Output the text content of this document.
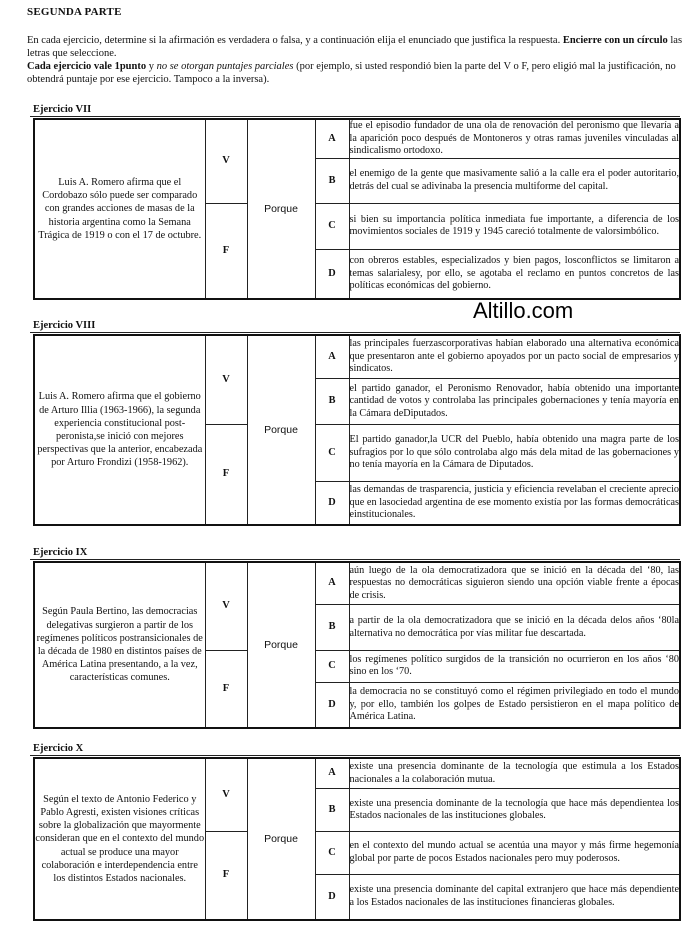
SEGUNDA PARTE
En cada ejercicio, determine si la afirmación es verdadera o falsa, y a continuación elija el enunciado que justifica la respuesta. Encierre con un círculo las letras que seleccione.
Cada ejercicio vale 1punto y no se otorgan puntajes parciales (por ejemplo, si usted respondió bien la parte del V o F, pero eligió mal la justificación, no obtendrá puntaje por ese ejercicio. Tampoco a la inversa).
Altillo.com
Ejercicio VII
Luis A. Romero afirma que el Cordobazo sólo puede ser comparado con grandes acciones de masas de la historia argentina como la Semana Trágica de 1919 o con el 17 de octubre.	V	Porque	A	fue el episodio fundador de una ola de renovación del peronismo que llevaría a la aparición poco después de Montoneros y otras ramas juveniles vinculadas al sindicalismo ortodoxo.
			B	el enemigo de la gente que masivamente salió a la calle era el poder autoritario, detrás del cual se adivinaba la presencia multiforme del capital.
	F		C	si bien su importancia política inmediata fue importante, a diferencia de los movimientos sociales de 1919 y 1945 careció totalmente de valorsimbólico.
			D	con obreros estables, especializados y bien pagos, losconflictos se limitaron a temas salarialesy, por ello, se agotaba el reclamo en puntos concretos de las políticas económicas del gobierno.
Ejercicio VIII
Luis A. Romero afirma que el gobierno de Arturo Illia (1963-1966), la segunda experiencia constitucional post-peronista,se inició con mejores perspectivas que la anterior, encabezada por Arturo Frondizi (1958-1962).	V	Porque	A	las principales fuerzascorporativas habían elaborado una alternativa económica que presentaron ante el gobierno apoyados por un pacto social de empresarios y sindicatos.
			B	el partido ganador, el Peronismo Renovador, había obtenido una importante cantidad de votos y controlaba las principales gobernaciones y tenía mayoría en la Cámara deDiputados.
	F		C	El partido ganador,la UCR del Pueblo, había obtenido una magra parte de los sufragios por lo que sólo controlaba algo más dela mitad de las gobernaciones y no tenía mayoría en la Cámara de Diputados.
			D	las demandas de trasparencia, justicia y eficiencia revelaban el creciente aprecio que en lasociedad argentina de ese momento existía por las formas democráticas einstitucionales.
Ejercicio IX
Según Paula Bertino, las democracias delegativas surgieron a partir de los regímenes políticos postransicionales de la década de 1980 en distintos países de América Latina presentando, a la vez, características comunes.	V	Porque	A	aún luego de la ola democratizadora que se inició en la década del ‘80, las respuestas no democráticas siguieron siendo una opción viable frente a épocas de crisis.
			B	a partir de la ola democratizadora que se inició en la década delos años ‘80la alternativa no democrática por vías militar fue descartada.
	F		C	los regímenes político surgidos de la transición no ocurrieron en los años ‘80 sino en los ‘70.
			D	la democracia no se constituyó como el régimen privilegiado en todo el mundo y, por ello, también los golpes de Estado persistieron en el mapa político de América Latina.
Ejercicio X
Según el texto de Antonio Federico y Pablo Agresti, existen visiones críticas sobre la globalización que mayormente consideran que en el contexto del mundo actual se produce una mayor colaboración e interdependencia entre los distintos Estados nacionales.	V	Porque	A	existe una presencia dominante de la tecnología que estimula a los Estados nacionales a la colaboración mutua.
			B	existe una presencia dominante de la tecnología que hace más dependientea los Estados nacionales de las instituciones globales.
	F		C	en el contexto del mundo actual se acentúa una mayor y más firme hegemonía global por parte de pocos Estados nacionales pero muy poderosos.
			D	existe una presencia dominante del capital extranjero que hace más dependiente a los Estados nacionales de las instituciones financieras globales.
